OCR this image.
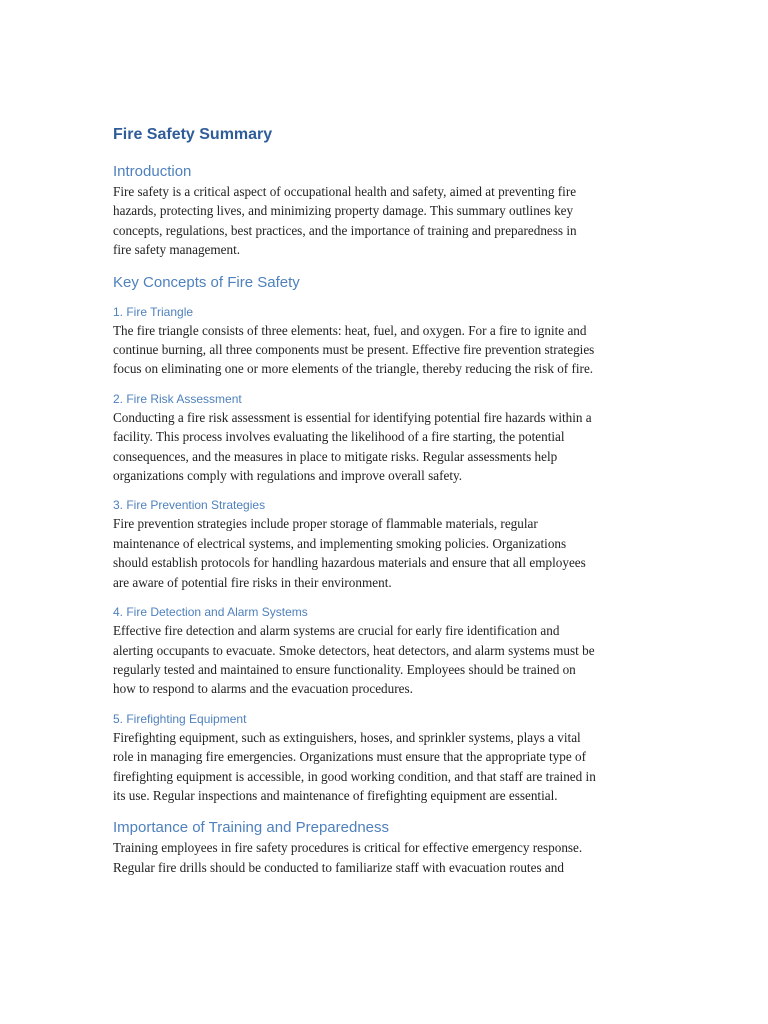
Fire Safety Summary
Introduction
Fire safety is a critical aspect of occupational health and safety, aimed at preventing fire
hazards, protecting lives, and minimizing property damage. This summary outlines key
concepts, regulations, best practices, and the importance of training and preparedness in
fire safety management.
Key Concepts of Fire Safety
1. Fire Triangle
The fire triangle consists of three elements: heat, fuel, and oxygen. For a fire to ignite and
continue burning, all three components must be present. Effective fire prevention strategies
focus on eliminating one or more elements of the triangle, thereby reducing the risk of fire.
2. Fire Risk Assessment
Conducting a fire risk assessment is essential for identifying potential fire hazards within a
facility. This process involves evaluating the likelihood of a fire starting, the potential
consequences, and the measures in place to mitigate risks. Regular assessments help
organizations comply with regulations and improve overall safety.
3. Fire Prevention Strategies
Fire prevention strategies include proper storage of flammable materials, regular
maintenance of electrical systems, and implementing smoking policies. Organizations
should establish protocols for handling hazardous materials and ensure that all employees
are aware of potential fire risks in their environment.
4. Fire Detection and Alarm Systems
Effective fire detection and alarm systems are crucial for early fire identification and
alerting occupants to evacuate. Smoke detectors, heat detectors, and alarm systems must be
regularly tested and maintained to ensure functionality. Employees should be trained on
how to respond to alarms and the evacuation procedures.
5. Firefighting Equipment
Firefighting equipment, such as extinguishers, hoses, and sprinkler systems, plays a vital
role in managing fire emergencies. Organizations must ensure that the appropriate type of
firefighting equipment is accessible, in good working condition, and that staff are trained in
its use. Regular inspections and maintenance of firefighting equipment are essential.
Importance of Training and Preparedness
Training employees in fire safety procedures is critical for effective emergency response.
Regular fire drills should be conducted to familiarize staff with evacuation routes and
